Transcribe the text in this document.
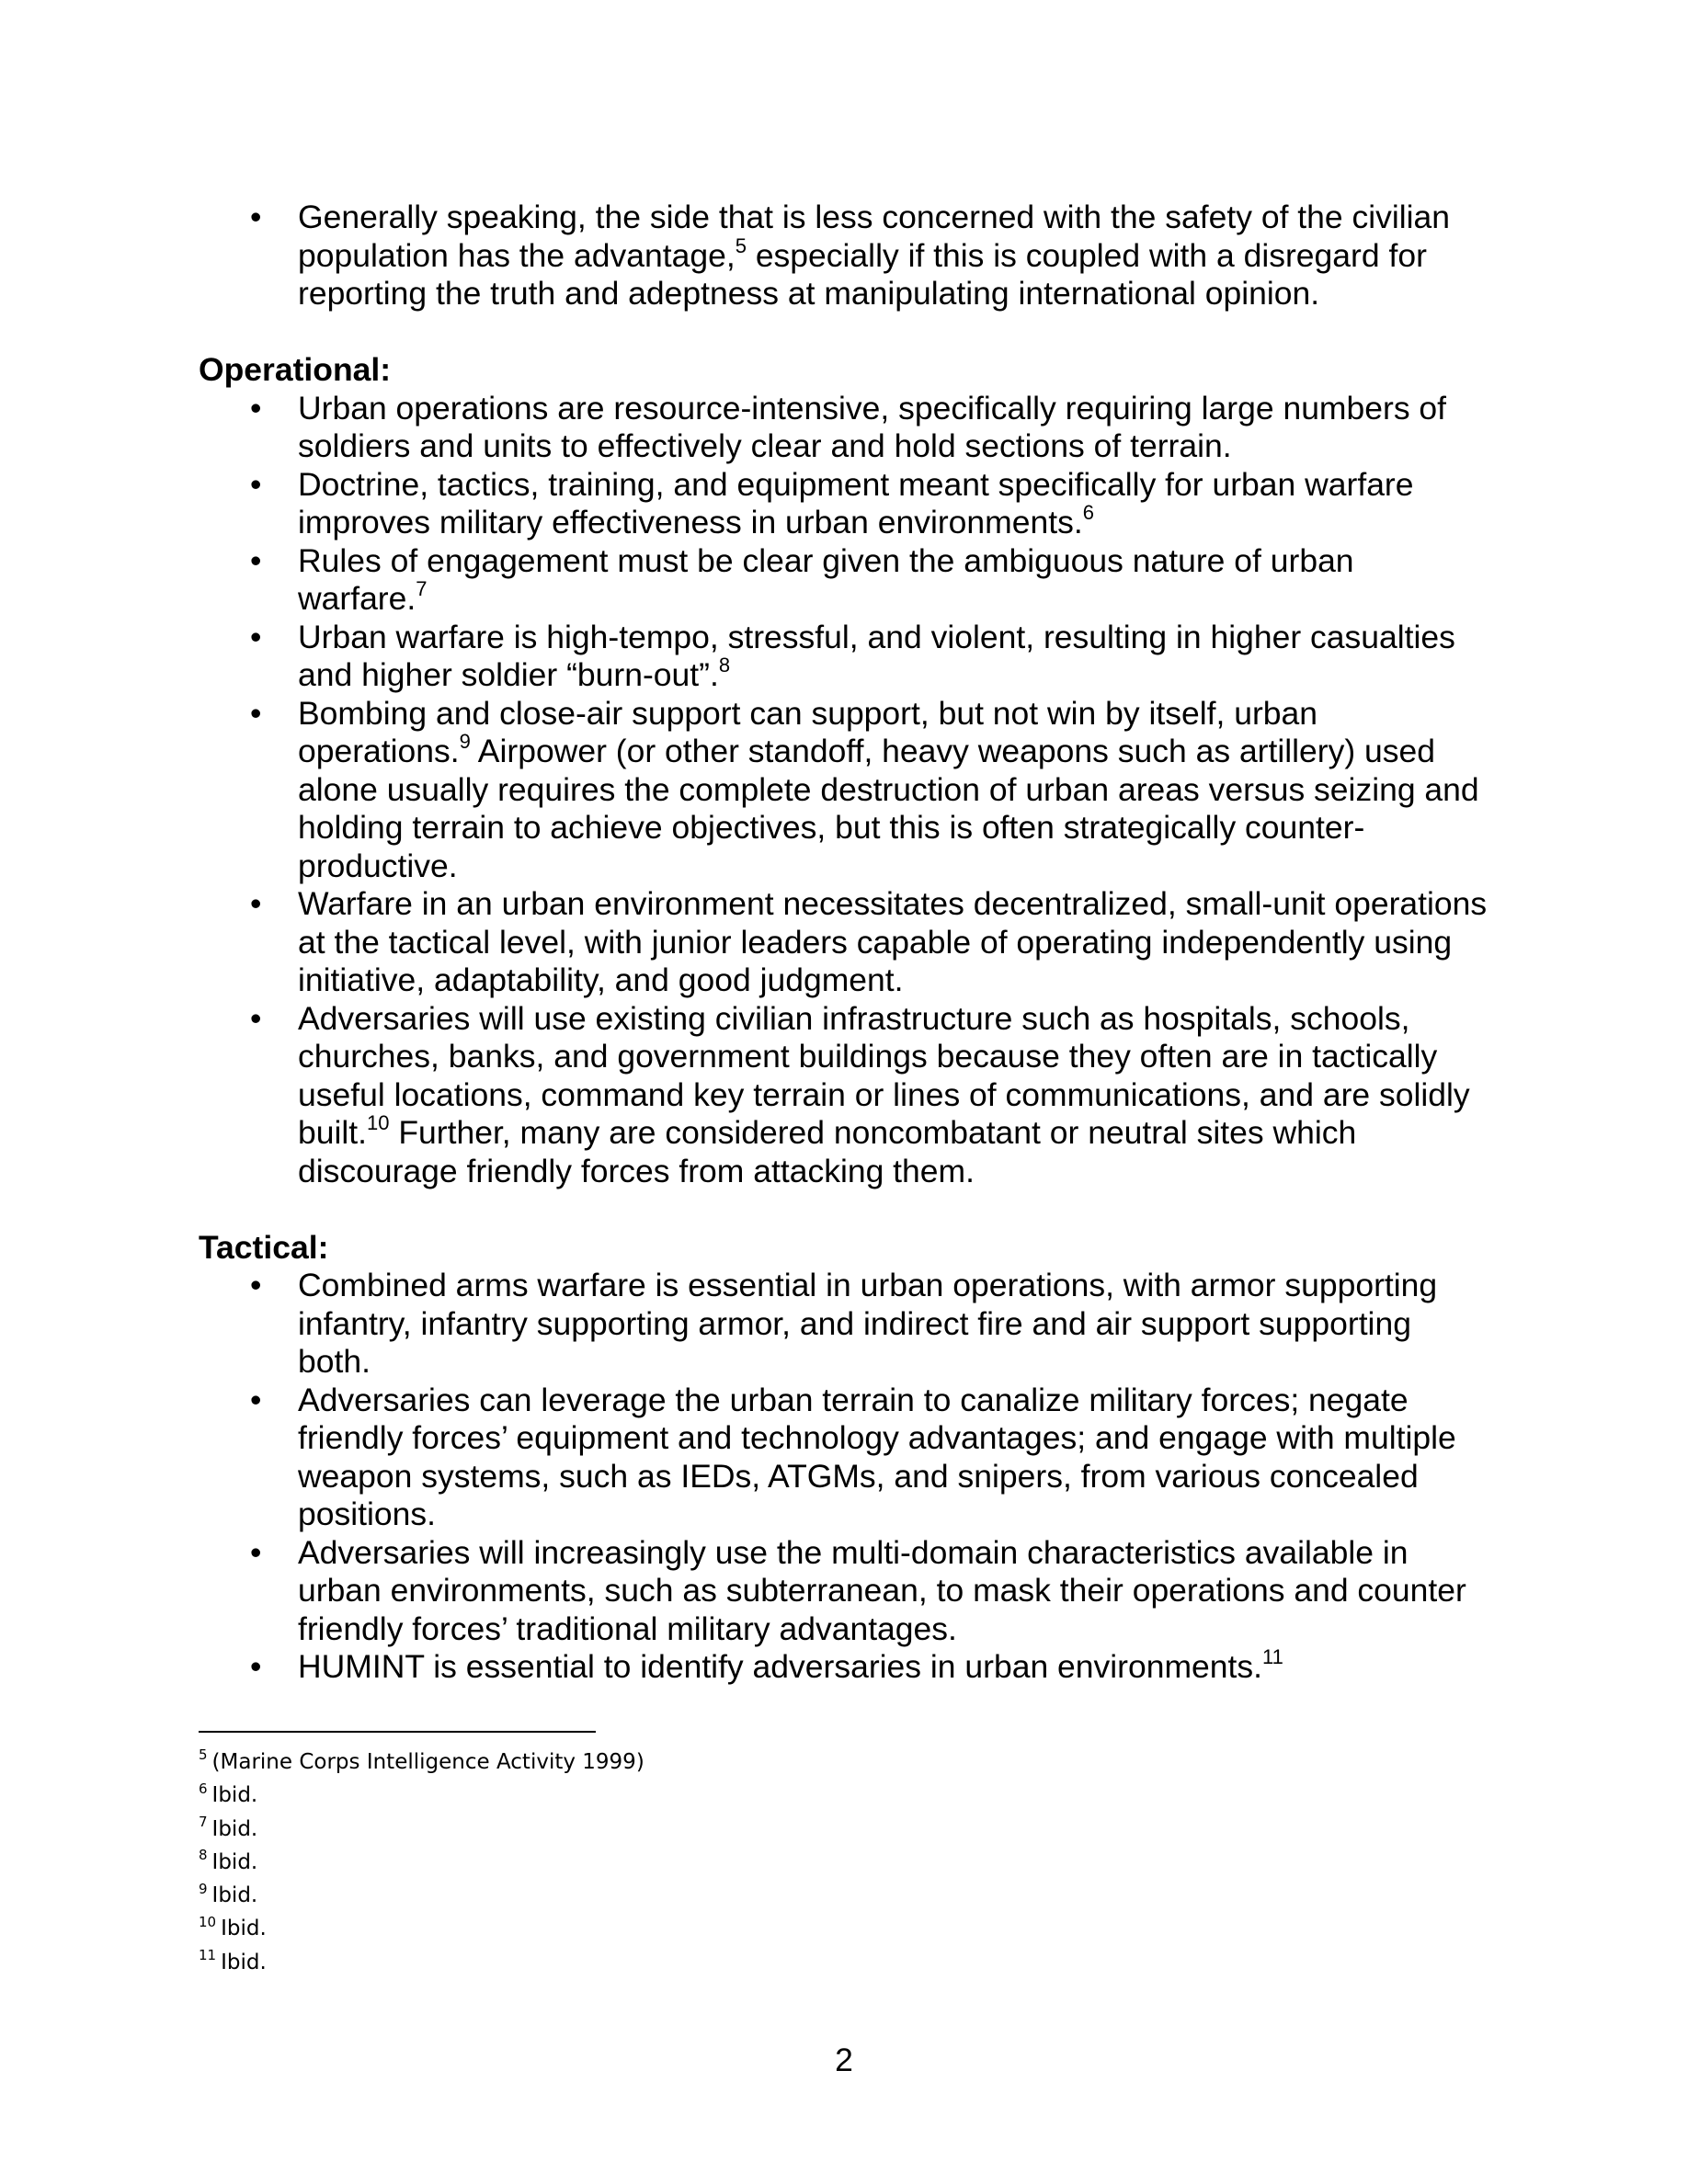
• Generally speaking, the side that is less concerned with the safety of the civilian population has the advantage,$^5$ especially if this is coupled with a disregard for reporting the truth and adeptness at manipulating international opinion.

Operational:

• Urban operations are resource-intensive, specifically requiring large numbers of soldiers and units to effectively clear and hold sections of terrain.
• Doctrine, tactics, training, and equipment meant specifically for urban warfare improves military effectiveness in urban environments.$^6$
• Rules of engagement must be clear given the ambiguous nature of urban warfare.$^7$
• Urban warfare is high-tempo, stressful, and violent, resulting in higher casualties and higher soldier “burn-out”.$^8$
• Bombing and close-air support can support, but not win by itself, urban operations.$^9$ Airpower (or other standoff, heavy weapons such as artillery) used alone usually requires the complete destruction of urban areas versus seizing and holding terrain to achieve objectives, but this is often strategically counter-productive.
• Warfare in an urban environment necessitates decentralized, small-unit operations at the tactical level, with junior leaders capable of operating independently using initiative, adaptability, and good judgment.
• Adversaries will use existing civilian infrastructure such as hospitals, schools, churches, banks, and government buildings because they often are in tactically useful locations, command key terrain or lines of communications, and are solidly built.$^{10}$ Further, many are considered noncombatant or neutral sites which discourage friendly forces from attacking them.

Tactical:

• Combined arms warfare is essential in urban operations, with armor supporting infantry, infantry supporting armor, and indirect fire and air support supporting both.
• Adversaries can leverage the urban terrain to canalize military forces; negate friendly forces’ equipment and technology advantages; and engage with multiple weapon systems, such as IEDs, ATGMs, and snipers, from various concealed positions.
• Adversaries will increasingly use the multi-domain characteristics available in urban environments, such as subterranean, to mask their operations and counter friendly forces’ traditional military advantages.
• HUMINT is essential to identify adversaries in urban environments.$^{11}$
$^5$ (Marine Corps Intelligence Activity 1999)
$^6$ Ibid.
$^7$ Ibid.
$^8$ Ibid.
$^9$ Ibid.
$^{10}$ Ibid.
$^{11}$ Ibid.
2
